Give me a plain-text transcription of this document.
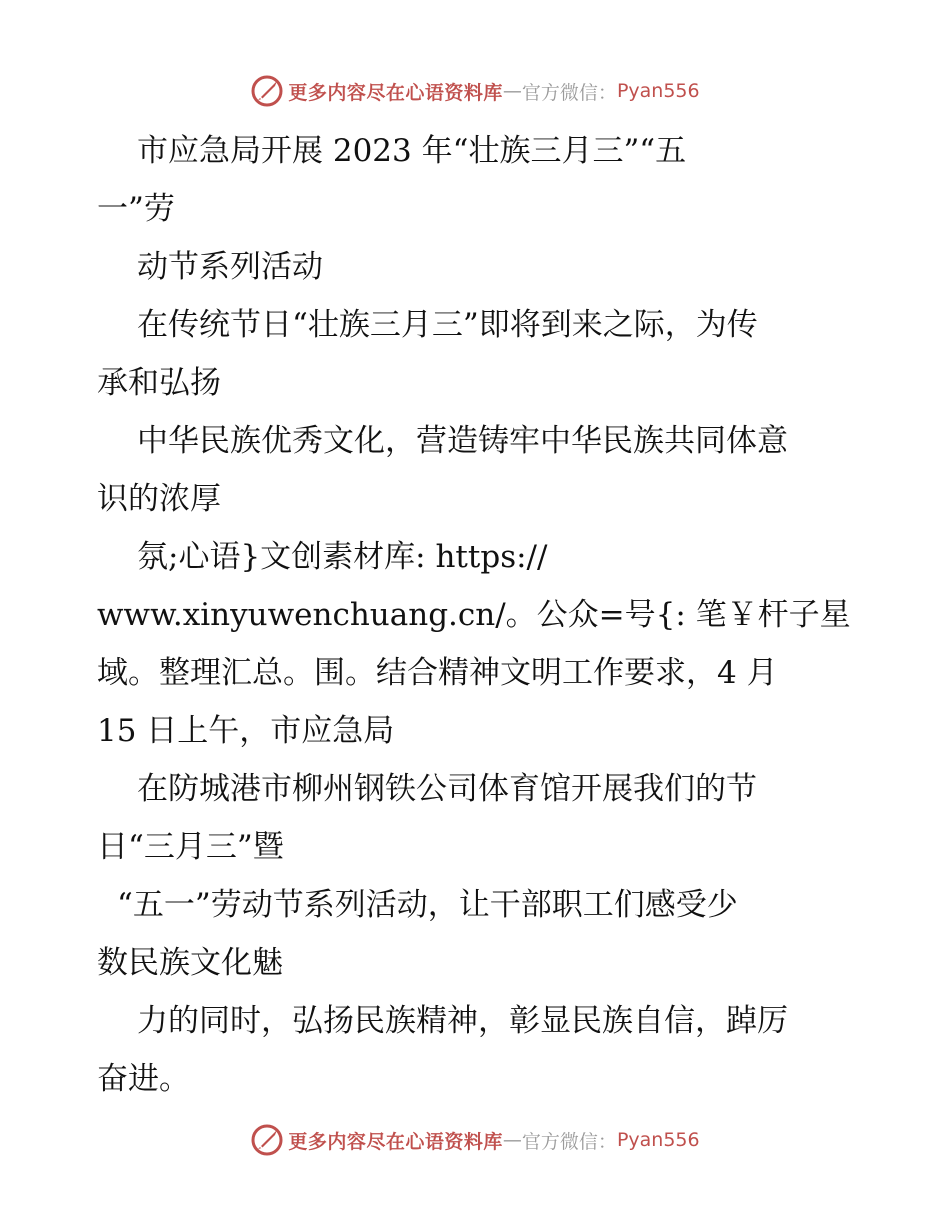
更多内容尽在心语资料库 — 官方微信： Pyan556

市应急局开展 2023 年“壮族三月三”“五

一”劳

动节系列活动

在传统节日“壮族三月三”即将到来之际，为传

承和弘扬

中华民族优秀文化，营造铸牢中华民族共同体意

识的浓厚

氛;心语}文创素材库: https://

www.xinyuwenchuang.cn/。公众=号{: 笔￥杆子星

域。整理汇总。围。结合精神文明工作要求，4 月

15 日上午，市应急局

在防城港市柳州钢铁公司体育馆开展我们的节

日“三月三”暨

“五一”劳动节系列活动，让干部职工们感受少

数民族文化魅

力的同时，弘扬民族精神，彰显民族自信，踔厉

奋进。

更多内容尽在心语资料库 — 官方微信： Pyan556
